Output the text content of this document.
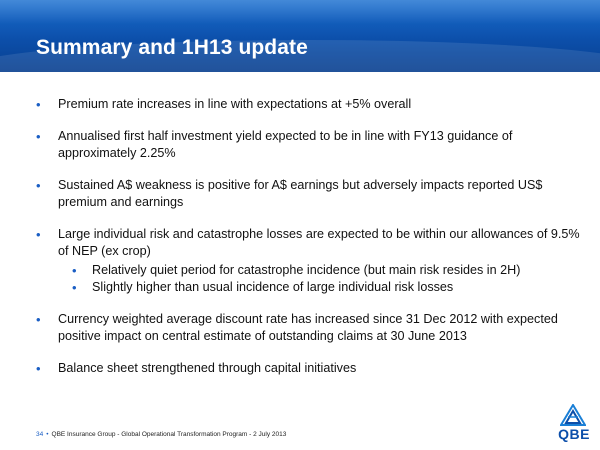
Summary and 1H13 update
• Premium rate increases in line with expectations at +5% overall
• Annualised first half investment yield expected to be in line with FY13 guidance of approximately 2.25%
• Sustained A$ weakness is positive for A$ earnings but adversely impacts reported US$ premium and earnings
• Large individual risk and catastrophe losses are expected to be within our allowances of 9.5% of NEP (ex crop)
• Relatively quiet period for catastrophe incidence (but main risk resides in 2H)
• Slightly higher than usual incidence of large individual risk losses
• Currency weighted average discount rate has increased since 31 Dec 2012 with expected positive impact on central estimate of outstanding claims at 30 June 2013
• Balance sheet strengthened through capital initiatives
34 • QBE Insurance Group - Global Operational Transformation Program - 2 July 2013	QBE
